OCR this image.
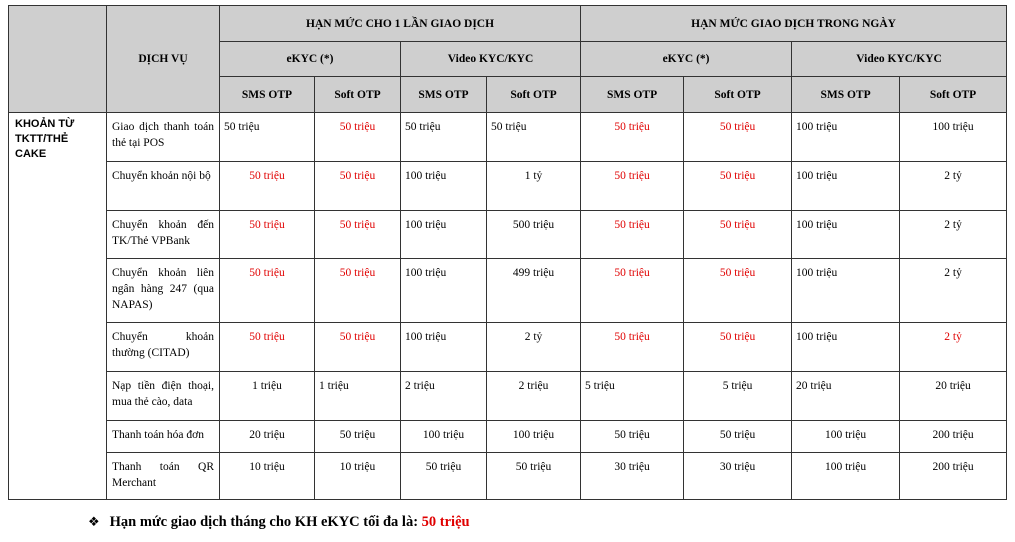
	DỊCH VỤ	HẠN MỨC CHO 1 LẦN GIAO DỊCH				HẠN MỨC GIAO DỊCH TRONG NGÀY			
		eKYC (*)		Video KYC/KYC		eKYC (*)		Video KYC/KYC	
		SMS OTP	Soft OTP	SMS OTP	Soft OTP	SMS OTP	Soft OTP	SMS OTP	Soft OTP
KHOẢN TỪ TKTT/THẺ CAKE	Giao dịch thanh toán thẻ tại POS	50 triệu	50 triệu	50 triệu	50 triệu	50 triệu	50 triệu	100 triệu	100 triệu
	Chuyển khoản nội bộ	50 triệu	50 triệu	100 triệu	1 tỷ	50 triệu	50 triệu	100 triệu	2 tỷ
	Chuyển khoản đến TK/Thẻ VPBank	50 triệu	50 triệu	100 triệu	500 triệu	50 triệu	50 triệu	100 triệu	2 tỷ
	Chuyển khoản liên ngân hàng 247 (qua NAPAS)	50 triệu	50 triệu	100 triệu	499 triệu	50 triệu	50 triệu	100 triệu	2 tỷ
	Chuyển khoản thường (CITAD)	50 triệu	50 triệu	100 triệu	2 tỷ	50 triệu	50 triệu	100 triệu	2 tỷ
	Nạp tiền điện thoại, mua thẻ cào, data	1 triệu	1 triệu	2 triệu	2 triệu	5 triệu	5 triệu	20 triệu	20 triệu
	Thanh toán hóa đơn	20 triệu	50 triệu	100 triệu	100 triệu	50 triệu	50 triệu	100 triệu	200 triệu
	Thanh toán QR Merchant	10 triệu	10 triệu	50 triệu	50 triệu	30 triệu	30 triệu	100 triệu	200 triệu
❖ Hạn mức giao dịch tháng cho KH eKYC tối đa là: 50 triệu
